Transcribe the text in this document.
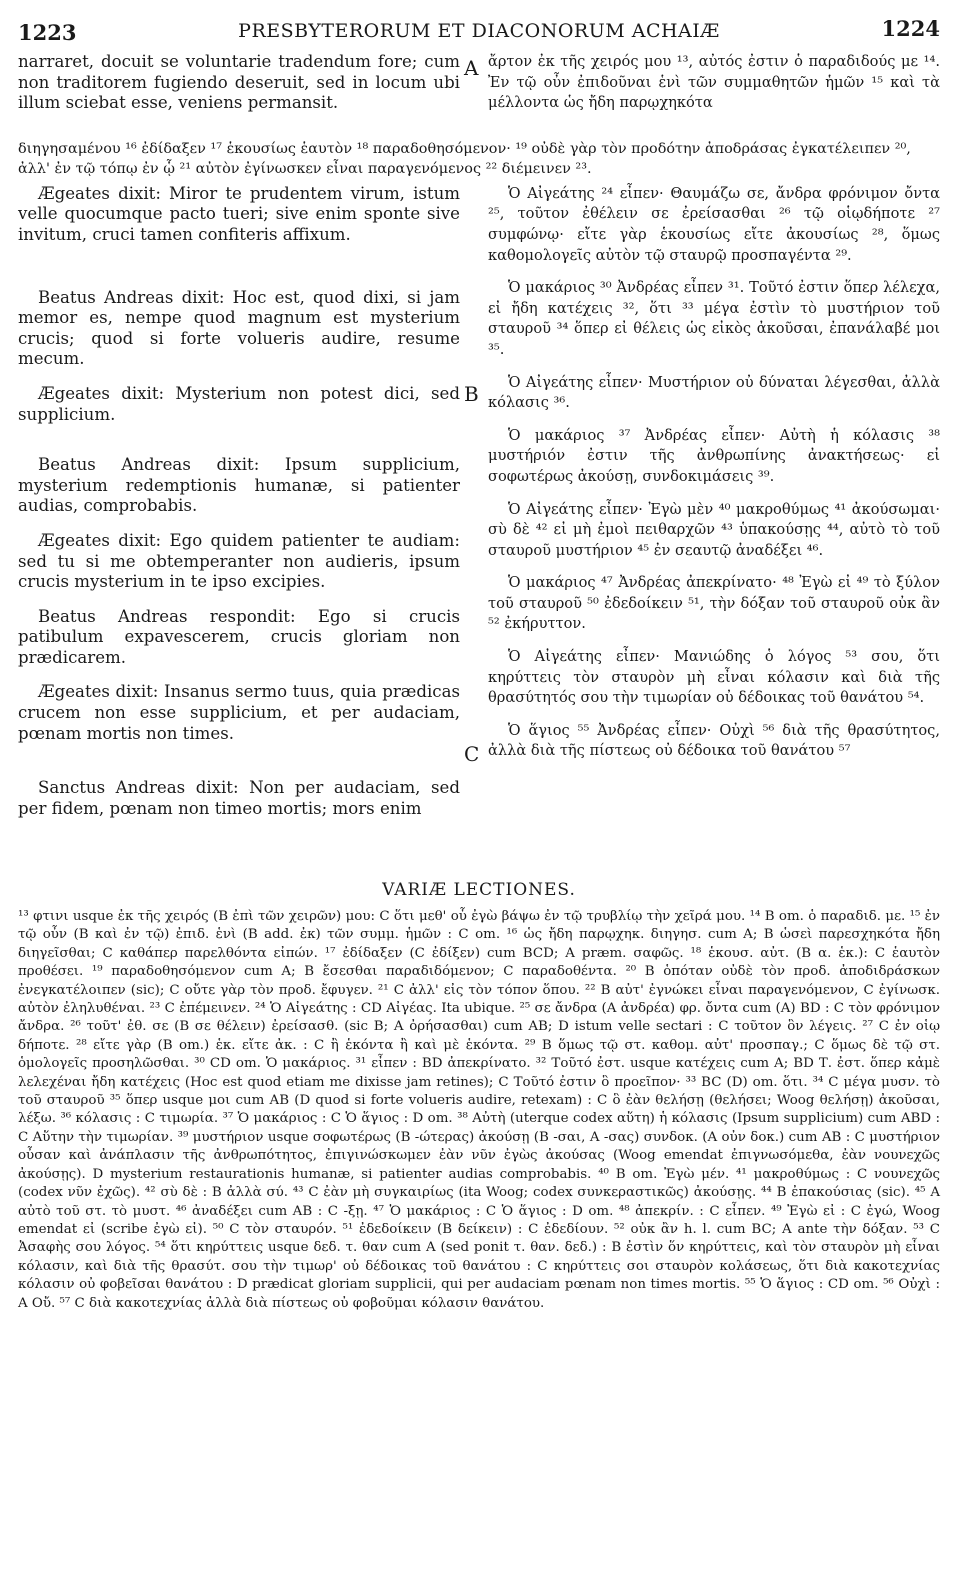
1223	PRESBYTERORUM ET DIACONORUM ACHAIÆ	1224
A
B
C

narraret, docuit se voluntarie tradendum fore; cum non traditorem fugiendo deseruit, sed in locum ubi illum sciebat esse, veniens permansit.

Ægeates dixit: Miror te prudentem virum, istum velle quocumque pacto tueri; sive enim sponte sive invitum, cruci tamen confiteris affixum.

Beatus Andreas dixit: Hoc est, quod dixi, si jam memor es, nempe quod magnum est mysterium crucis; quod si forte volueris audire, resume mecum.

Ægeates dixit: Mysterium non potest dici, sed supplicium.

Beatus Andreas dixit: Ipsum supplicium, mysterium redemptionis humanæ, si patienter audias, comprobabis.

Ægeates dixit: Ego quidem patienter te audiam: sed tu si me obtemperanter non audieris, ipsum crucis mysterium in te ipso excipies.

Beatus Andreas respondit: Ego si crucis patibulum expavescerem, crucis gloriam non prædicarem.

Ægeates dixit: Insanus sermo tuus, quia prædicas crucem non esse supplicium, et per audaciam, pœnam mortis non times.

Sanctus Andreas dixit: Non per audaciam, sed per fidem, pœnam non timeo mortis; mors enim

ἄρτον ἐκ τῆς χειρός μου ¹³, αὐτός ἐστιν ὁ παραδιδούς με ¹⁴. Ἐν τῷ οὖν ἐπιδοῦναι ἑνὶ τῶν συμμαθητῶν ἡμῶν ¹⁵ καὶ τὰ μέλλοντα ὡς ἤδη παρῳχηκότα

Ὁ Αἰγεάτης ²⁴ εἶπεν· Θαυμάζω σε, ἄνδρα φρόνιμον ὄντα ²⁵, τοῦτον ἐθέλειν σε ἐρείσασθαι ²⁶ τῷ οἱῳδήποτε ²⁷ συμφώνῳ· εἴτε γὰρ ἑκουσίως εἴτε ἀκουσίως ²⁸, ὅμως καθομολογεῖς αὐτὸν τῷ σταυρῷ προσπαγέντα ²⁹.

Ὁ μακάριος ³⁰ Ἀνδρέας εἶπεν ³¹. Τοῦτό ἐστιν ὅπερ λέλεχα, εἰ ἤδη κατέχεις ³², ὅτι ³³ μέγα ἐστὶν τὸ μυστήριον τοῦ σταυροῦ ³⁴ ὅπερ εἰ θέλεις ὡς εἰκὸς ἀκοῦσαι, ἐπανάλαβέ μοι ³⁵.

Ὁ Αἰγεάτης εἶπεν· Μυστήριον οὐ δύναται λέγεσθαι, ἀλλὰ κόλασις ³⁶.

Ὁ μακάριος ³⁷ Ἀνδρέας εἶπεν· Αὐτὴ ἡ κόλασις ³⁸ μυστήριόν ἐστιν τῆς ἀνθρωπίνης ἀνακτήσεως· εἰ σοφωτέρως ἀκούσῃ, συνδοκιμάσεις ³⁹.

Ὁ Αἰγεάτης εἶπεν· Ἐγὼ μὲν ⁴⁰ μακροθύμως ⁴¹ ἀκούσωμαι· σὺ δὲ ⁴² εἰ μὴ ἐμοὶ πειθαρχῶν ⁴³ ὑπακούσῃς ⁴⁴, αὐτὸ τὸ τοῦ σταυροῦ μυστήριον ⁴⁵ ἐν σεαυτῷ ἀναδέξει ⁴⁶.

Ὁ μακάριος ⁴⁷ Ἀνδρέας ἀπεκρίνατο· ⁴⁸ Ἐγὼ εἰ ⁴⁹ τὸ ξύλον τοῦ σταυροῦ ⁵⁰ ἐδεδοίκειν ⁵¹, τὴν δόξαν τοῦ σταυροῦ οὐκ ἂν ⁵² ἐκήρυττον.

Ὁ Αἰγεάτης εἶπεν· Μανιώδης ὁ λόγος ⁵³ σου, ὅτι κηρύττεις τὸν σταυρὸν μὴ εἶναι κόλασιν καὶ διὰ τῆς θρασύτητός σου τὴν τιμωρίαν οὐ δέδοικας τοῦ θανάτου ⁵⁴.

Ὁ ἅγιος ⁵⁵ Ἀνδρέας εἶπεν· Οὐχὶ ⁵⁶ διὰ τῆς θρασύτητος, ἀλλὰ διὰ τῆς πίστεως οὐ δέδοικα τοῦ θανάτου ⁵⁷

διηγησαμένου ¹⁶ ἐδίδαξεν ¹⁷ ἑκουσίως ἑαυτὸν ¹⁸ παραδοθησόμενον· ¹⁹ οὐδὲ γὰρ τὸν προδότην ἀποδράσας ἐγκατέλειπεν ²⁰, ἀλλ' ἐν τῷ τόπῳ ἐν ᾧ ²¹ αὐτὸν ἐγίνωσκεν εἶναι παραγενόμενος ²² διέμεινεν ²³.

VARIÆ LECTIONES.
¹³ φτινι usque ἐκ τῆς χειρός (B ἐπὶ τῶν χειρῶν) μου: C ὅτι μεθ' οὗ ἐγὼ βάψω ἐν τῷ τρυβλίῳ τὴν χεῖρά μου. ¹⁴ B om. ὁ παραδιδ. με. ¹⁵ ἐν τῷ οὖν (B καὶ ἐν τῷ) ἐπιδ. ἑνὶ (B add. ἐκ) τῶν συμμ. ἡμῶν : C om. ¹⁶ ὡς ἤδη παρῳχηκ. διηγησ. cum A; B ὡσεὶ παρεσχηκότα ἤδη διηγεῖσθαι; C καθάπερ παρελθόντα εἰπών. ¹⁷ ἐδίδαξεν (C ἐδίξεν) cum BCD; A præm. σαφῶς. ¹⁸ ἑκουσ. αὐτ. (B α. ἑκ.): C ἑαυτὸν προθέσει. ¹⁹ παραδοθησόμενον cum A; B ἔσεσθαι παραδιδόμενον; C παραδοθέντα. ²⁰ B ὁπόταν οὐδὲ τὸν προδ. ἀποδιδράσκων ἐνεγκατέλοιπεν (sic); C οὔτε γὰρ τὸν προδ. ἔφυγεν. ²¹ C ἀλλ' εἰς τὸν τόπον ὅπου. ²² B αὐτ' ἐγνώκει εἶναι παραγενόμενον, C ἐγίνωσκ. αὐτὸν ἐληλυθέναι. ²³ C ἐπέμεινεν. ²⁴ Ὁ Αἰγεάτης : CD Αἰγέας. Ita ubique. ²⁵ σε ἄνδρα (A ἀνδρέα) φρ. ὄντα cum (A) BD : C τὸν φρόνιμον ἄνδρα. ²⁶ τοῦτ' ἐθ. σε (B σε θέλειν) ἐρείσασθ. (sic B; A ὀρήσασθαι) cum AB; D istum velle sectari : C τοῦτον ὃν λέγεις. ²⁷ C ἐν οἱῳ δήποτε. ²⁸ εἴτε γὰρ (B om.) ἑκ. εἴτε ἀκ. : C ἢ ἑκόντα ἢ καὶ μὲ ἑκόντα. ²⁹ B ὅμως τῷ στ. καθομ. αὐτ' προσπαγ.; C ὅμως δὲ τῷ στ. ὁμολογεῖς προσηλῶσθαι. ³⁰ CD om. Ὁ μακάριος. ³¹ εἶπεν : BD ἀπεκρίνατο. ³² Τοῦτό ἐστ. usque κατέχεις cum A; BD Τ. ἐστ. ὅπερ κἀμὲ λελεχέναι ἤδη κατέχεις (Hoc est quod etiam me dixisse jam retines); C Τοῦτό ἐστιν ὃ προεῖπον· ³³ BC (D) om. ὅτι. ³⁴ C μέγα μυσν. τὸ τοῦ σταυροῦ ³⁵ ὅπερ usque μοι cum AB (D quod si forte volueris audire, retexam) : C ὃ ἐὰν θελήσῃ (θελήσει; Woog θελήσῃ) ἀκοῦσαι, λέξω. ³⁶ κόλασις : C τιμωρία. ³⁷ Ὁ μακάριος : C Ὁ ἅγιος : D om. ³⁸ Αὐτὴ (uterque codex αὕτη) ἡ κόλασις (Ipsum supplicium) cum ABD : C Αὕτην τὴν τιμωρίαν. ³⁹ μυστήριον usque σοφωτέρως (B -ώτερας) ἀκούσῃ (B -σαι, A -σας) συνδοκ. (A οὐν δοκ.) cum AB : C μυστήριον οὖσαν καὶ ἀνάπλασιν τῆς ἀνθρωπότητος, ἐπιγινώσκωμεν ἐὰν νῦν ἐγὼς ἀκούσας (Woog emendat ἐπιγνωσόμεθα, ἐὰν νουνεχῶς ἀκούσῃς). D mysterium restaurationis humanæ, si patienter audias comprobabis. ⁴⁰ B om. Ἐγὼ μέν. ⁴¹ μακροθύμως : C νουνεχῶς (codex νῦν ἐχῶς). ⁴² σὺ δὲ : B ἀλλὰ σύ. ⁴³ C ἐὰν μὴ συγκαιρίως (ita Woog; codex συνκεραστικῶς) ἀκούσῃς. ⁴⁴ B ἐπακούσιας (sic). ⁴⁵ A αὐτὸ τοῦ στ. τὸ μυστ. ⁴⁶ ἀναδέξει cum AB : C -ξῃ. ⁴⁷ Ὁ μακάριος : C Ὁ ἅγιος : D om. ⁴⁸ ἀπεκρίν. : C εἶπεν. ⁴⁹ Ἐγὼ εἰ : C ἐγώ, Woog emendat εἰ (scribe ἐγὼ εἰ). ⁵⁰ C τὸν σταυρόν. ⁵¹ ἐδεδοίκειν (B δείκειν) : C ἐδεδίουν. ⁵² οὐκ ἂν h. l. cum BC; A ante τὴν δόξαν. ⁵³ C Ἀσαφὴς σου λόγος. ⁵⁴ ὅτι κηρύττεις usque δεδ. τ. θαν cum A (sed ponit τ. θαν. δεδ.) : B ἐστὶν ὅν κηρύττεις, καὶ τὸν σταυρὸν μὴ εἶναι κόλασιν, καὶ διὰ τῆς θρασύτ. σου τὴν τιμωρ' οὐ δέδοικας τοῦ θανάτου : C κηρύττεις σοι σταυρὸν κολάσεως, ὅτι διὰ κακοτεχνίας κόλασιν οὐ φοβεῖσαι θανάτου : D prædicat gloriam supplicii, qui per audaciam pœnam non times mortis. ⁵⁵ Ὁ ἅγιος : CD om. ⁵⁶ Οὐχὶ : A Οὔ. ⁵⁷ C διὰ κακοτεχνίας ἀλλὰ διὰ πίστεως οὐ φοβοῦμαι κόλασιν θανάτου.
